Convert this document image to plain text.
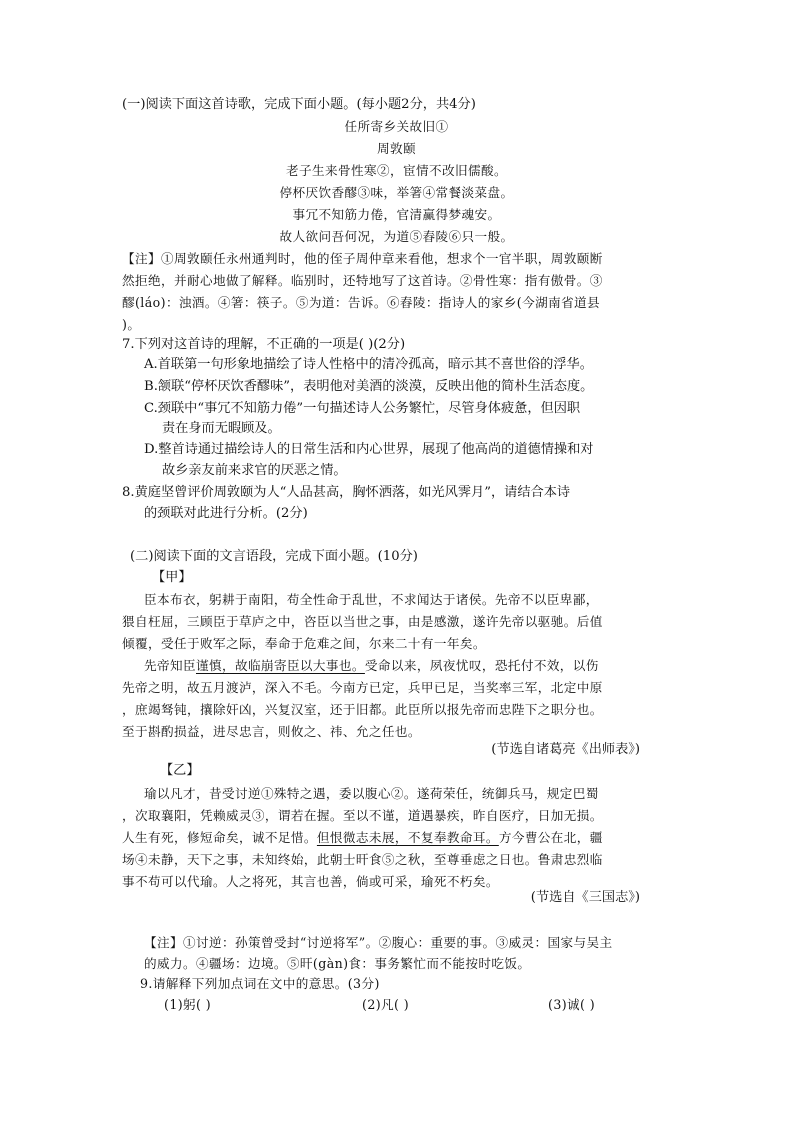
(一)阅读下面这首诗歌，完成下面小题。(每小题2分，共4分)
任所寄乡关故旧①
周敦颐
老子生来骨性寒②，宦情不改旧儒酸。
停杯厌饮香醪③味，举箸④常餐淡菜盘。
事冗不知筋力倦，官清赢得梦魂安。
故人欲问吾何况，为道⑤舂陵⑥只一般。
【注】①周敦颐任永州通判时，他的侄子周仲章来看他，想求个一官半职，周敦颐断
然拒绝，并耐心地做了解释。临别时，还特地写了这首诗。②骨性寒：指有傲骨。③
醪(láo)：浊酒。④箸：筷子。⑤为道：告诉。⑥舂陵：指诗人的家乡(今湖南省道县
)。
7.下列对这首诗的理解，不正确的一项是( )(2分)
A.首联第一句形象地描绘了诗人性格中的清冷孤高，暗示其不喜世俗的浮华。
B.颔联“停杯厌饮香醪味”，表明他对美酒的淡漠，反映出他的简朴生活态度。
C.颈联中“事冗不知筋力倦”一句描述诗人公务繁忙，尽管身体疲惫，但因职
责在身而无暇顾及。
D.整首诗通过描绘诗人的日常生活和内心世界，展现了他高尚的道德情操和对
故乡亲友前来求官的厌恶之情。
8.黄庭坚曾评价周敦颐为人“人品甚高，胸怀洒落，如光风霁月”，请结合本诗
的颈联对此进行分析。(2分)
(二)阅读下面的文言语段，完成下面小题。(10分)
【甲】
臣本布衣，躬耕于南阳，苟全性命于乱世，不求闻达于诸侯。先帝不以臣卑鄙，
猥自枉屈，三顾臣于草庐之中，咨臣以当世之事，由是感激，遂许先帝以驱驰。后值
倾覆，受任于败军之际，奉命于危难之间，尔来二十有一年矣。
先帝知臣谨慎，故临崩寄臣以大事也。受命以来，夙夜忧叹，恐托付不效，以伤
先帝之明，故五月渡泸，深入不毛。今南方已定，兵甲已足，当奖率三军，北定中原
，庶竭驽钝，攘除奸凶，兴复汉室，还于旧都。此臣所以报先帝而忠陛下之职分也。
至于斟酌损益，进尽忠言，则攸之、祎、允之任也。
(节选自诸葛亮《出师表》)
【乙】
瑜以凡才，昔受讨逆①殊特之遇，委以腹心②。遂荷荣任，统御兵马，规定巴蜀
，次取襄阳，凭赖威灵③，谓若在握。至以不谨，道遇暴疾，昨自医疗，日加无损。
人生有死，修短命矣，诚不足惜。但恨微志未展，不复奉教命耳。方今曹公在北，疆
场④未静，天下之事，未知终始，此朝士旰食⑤之秋，至尊垂虑之日也。鲁肃忠烈临
事不苟可以代瑜。人之将死，其言也善，倘或可采，瑜死不朽矣。
(节选自《三国志》)
【注】①讨逆：孙策曾受封“讨逆将军”。②腹心：重要的事。③威灵：国家与吴主
的威力。④疆场：边境。⑤旰(gàn)食：事务繁忙而不能按时吃饭。
9.请解释下列加点词在文中的意思。(3分)
(1)躬( )	(2)凡( )	(3)诚( )
